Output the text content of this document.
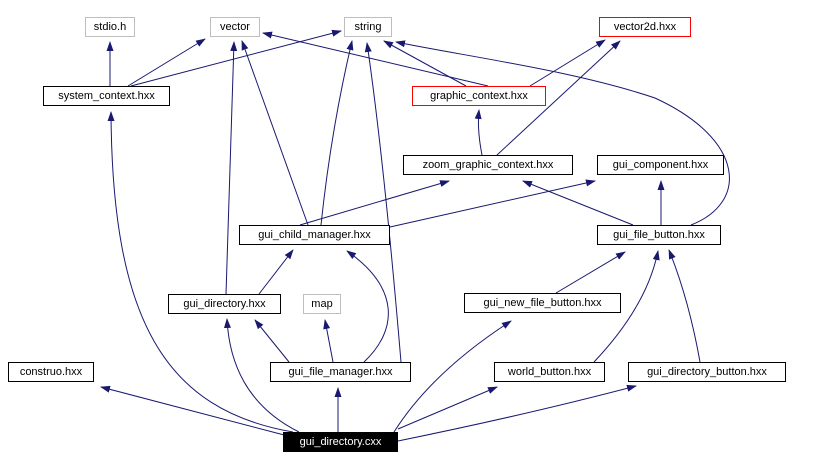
stdio.h	vector	string	vector2d.hxx
system_context.hxx	graphic_context.hxx
zoom_graphic_context.hxx	gui_component.hxx
gui_child_manager.hxx	gui_file_button.hxx
gui_directory.hxx	map	gui_new_file_button.hxx
construo.hxx	gui_file_manager.hxx	world_button.hxx	gui_directory_button.hxx
gui_directory.cxx
